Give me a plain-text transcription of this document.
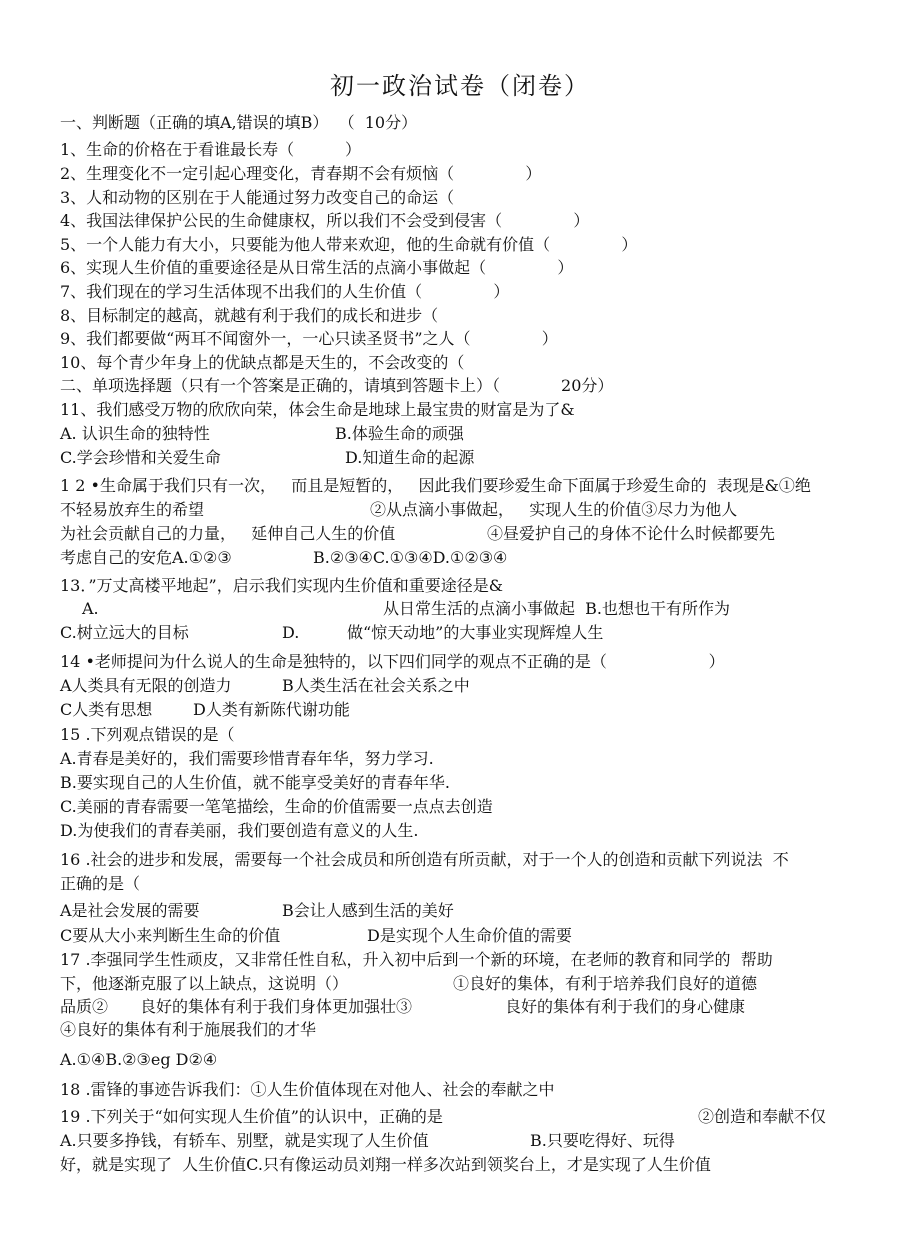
初一政治试卷（闭卷）
一、判断题（正确的填A,错误的填B）  （  10分）
1、生命的价格在于看谁最长寿（          ）
2、生理变化不一定引起心理变化，青春期不会有烦恼（              ）
3、人和动物的区别在于人能通过努力改变自己的命运（
4、我国法律保护公民的生命健康权，所以我们不会受到侵害（              ）
5、一个人能力有大小，只要能为他人带来欢迎，他的生命就有价值（              ）
6、实现人生价值的重要途径是从日常生活的点滴小事做起（              ）
7、我们现在的学习生活体现不出我们的人生价值（              ）
8、目标制定的越高，就越有利于我们的成长和进步（
9、我们都要做“两耳不闻窗外一，一心只读圣贤书”之人（              ）
10、每个青少年身上的优缺点都是天生的，不会改变的（
二、单项选择题（只有一个答案是正确的，请填到答题卡上）（            20分）
11、我们感受万物的欣欣向荣，体会生命是地球上最宝贵的财富是为了&
A. 认识生命的独特性	B.体验生命的顽强
C.学会珍惜和关爱生命	D.知道生命的起源
1 2 •生命属于我们只有一次，   而且是短暂的，   因此我们要珍爱生命下面属于珍爱生命的  表现是&①绝
不轻易放弃生的希望	②从点滴小事做起，   实现人生的价值③尽力为他人
为社会贡献自己的力量，   延伸自己人生的价值	④昼爱护自己的身体不论什么时候都要先
考虑自己的安危A.①②③	B.②③④C.①③④D.①②③④
13．”万丈高楼平地起”，启示我们实现内生价值和重要途径是&
A.	从日常生活的点滴小事做起  B.也想也干有所作为
C.树立远大的目标	D.	做“惊天动地”的大事业实现辉煌人生
14 •老师提问为什么说人的生命是独特的，以下四们同学的观点不正确的是（                    ）
A人类具有无限的创造力	B人类生活在社会关系之中
C人类有思想	D人类有新陈代谢功能
15 .下列观点错误的是（
A.青春是美好的，我们需要珍惜青春年华，努力学习.
B.要实现自己的人生价值，就不能享受美好的青春年华.
C.美丽的青春需要一笔笔描绘，生命的价值需要一点点去创造
D.为使我们的青春美丽，我们要创造有意义的人生.
16 .社会的进步和发展，需要每一个社会成员和所创造有所贡献，对于一个人的创造和贡献下列说法  不
正确的是（
A是社会发展的需要	B会让人感到生活的美好
C要从大小来判断生生命的价值	D是实现个人生命价值的需要
17 .李强同学生性顽皮，又非常任性自私，升入初中后到一个新的环境，在老师的教育和同学的  帮助
下，他逐渐克服了以上缺点，这说明（）	①良好的集体，有利于培养我们良好的道德
品质② 良好的集体有利于我们身体更加强壮③	良好的集体有利于我们的身心健康
④良好的集体有利于施展我们的才华
A.①④B.②③eg D②④
18 .雷锋的事迹告诉我们：①人生价值体现在对他人、社会的奉献之中
19 .下列关于“如何实现人生价值”的认识中，正确的是	②创造和奉献不仅
A.只要多挣钱，有轿车、别墅，就是实现了人生价值	B.只要吃得好、玩得
好，就是实现了  人生价值C.只有像运动员刘翔一样多次站到领奖台上，才是实现了人生价值
